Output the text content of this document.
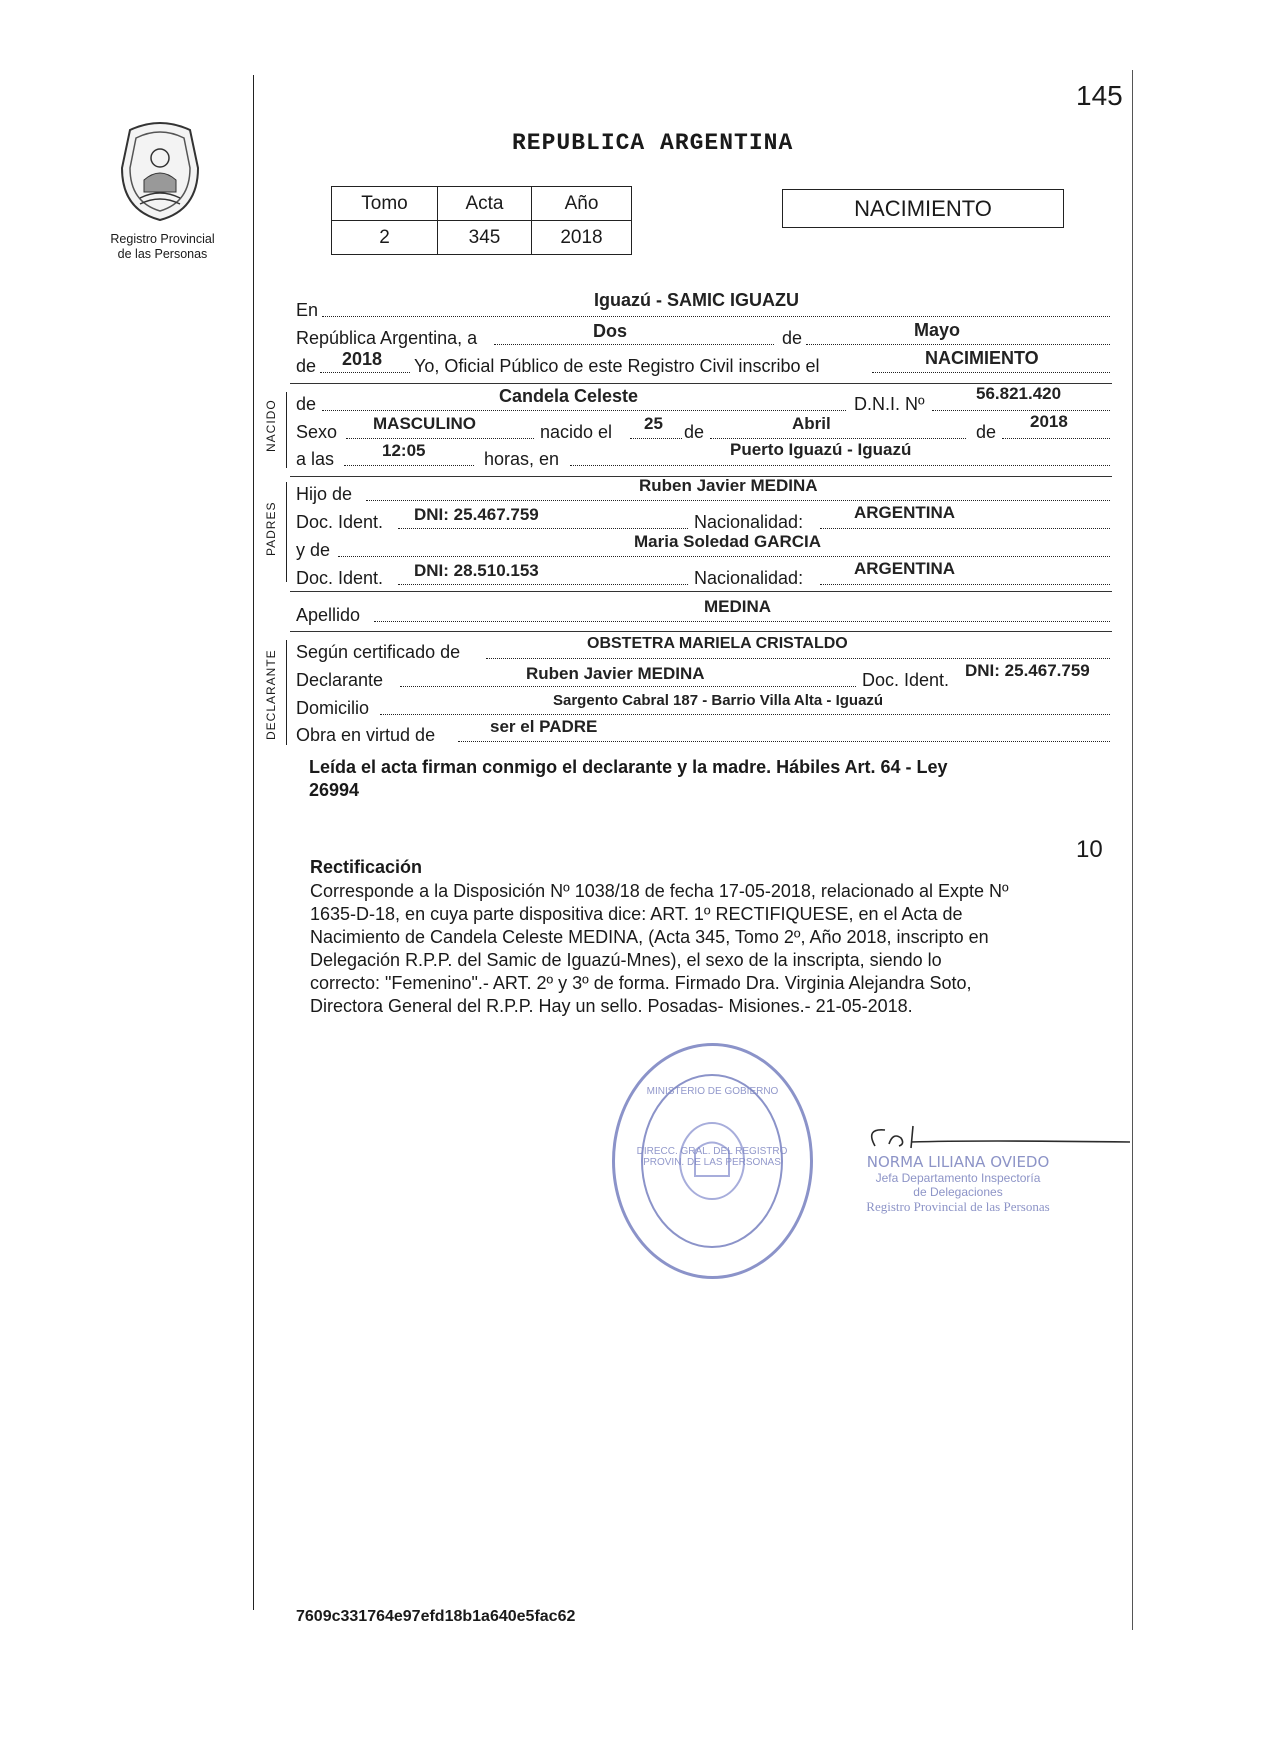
145
Registro Provincial
de las Personas
REPUBLICA ARGENTINA
Tomo	Acta	Año
2	345	2018
NACIMIENTO
En	Iguazú - SAMIC IGUAZU
República Argentina, a	Dos	de	Mayo
de 2018 Yo, Oficial Público de este Registro Civil inscribo el	NACIMIENTO
NACIDO de	Candela Celeste	D.N.I. Nº
56.821.420
Sexo MASCULINO	nacido el 25 de	Abril	de
2018
a las	12:05	horas, en	Puerto Iguazú - Iguazú
PADRES
Hijo de	Ruben Javier MEDINA
Doc. Ident. DNI: 25.467.759	Nacionalidad:	ARGENTINA
y de	Maria Soledad GARCIA
Doc. Ident. DNI: 28.510.153	Nacionalidad:	ARGENTINA
Apellido	MEDINA
DECLARANTE Según certificado de	OBSTETRA MARIELA CRISTALDO
Declarante	Ruben Javier MEDINA	Doc. Ident. DNI: 25.467.759
Domicilio	Sargento Cabral 187 - Barrio Villa Alta - Iguazú
Obra en virtud de	ser el PADRE
Leída el acta firman conmigo el declarante y la madre. Hábiles Art. 64 - Ley
26994
10
Rectificación
Corresponde a la Disposición Nº 1038/18 de fecha 17-05-2018, relacionado al Expte Nº
1635-D-18, en cuya parte dispositiva dice: ART. 1º RECTIFIQUESE, en el Acta de
Nacimiento de Candela Celeste MEDINA, (Acta 345, Tomo 2º, Año 2018, inscripto en
Delegación R.P.P. del Samic de Iguazú-Mnes), el sexo de la inscripta, siendo lo
correcto: "Femenino".- ART. 2º y 3º de forma. Firmado Dra. Virginia Alejandra Soto,
Directora General del R.P.P. Hay un sello. Posadas- Misiones.- 21-05-2018.
DIRECC. GRAL. DEL REGISTRO PROVIN. DE LAS PERSONAS
MINISTERIO DE GOBIERNO
NORMA LILIANA OVIEDO
Jefa Departamento Inspectoría
de Delegaciones
Registro Provincial de las Personas
7609c331764e97efd18b1a640e5fac62
